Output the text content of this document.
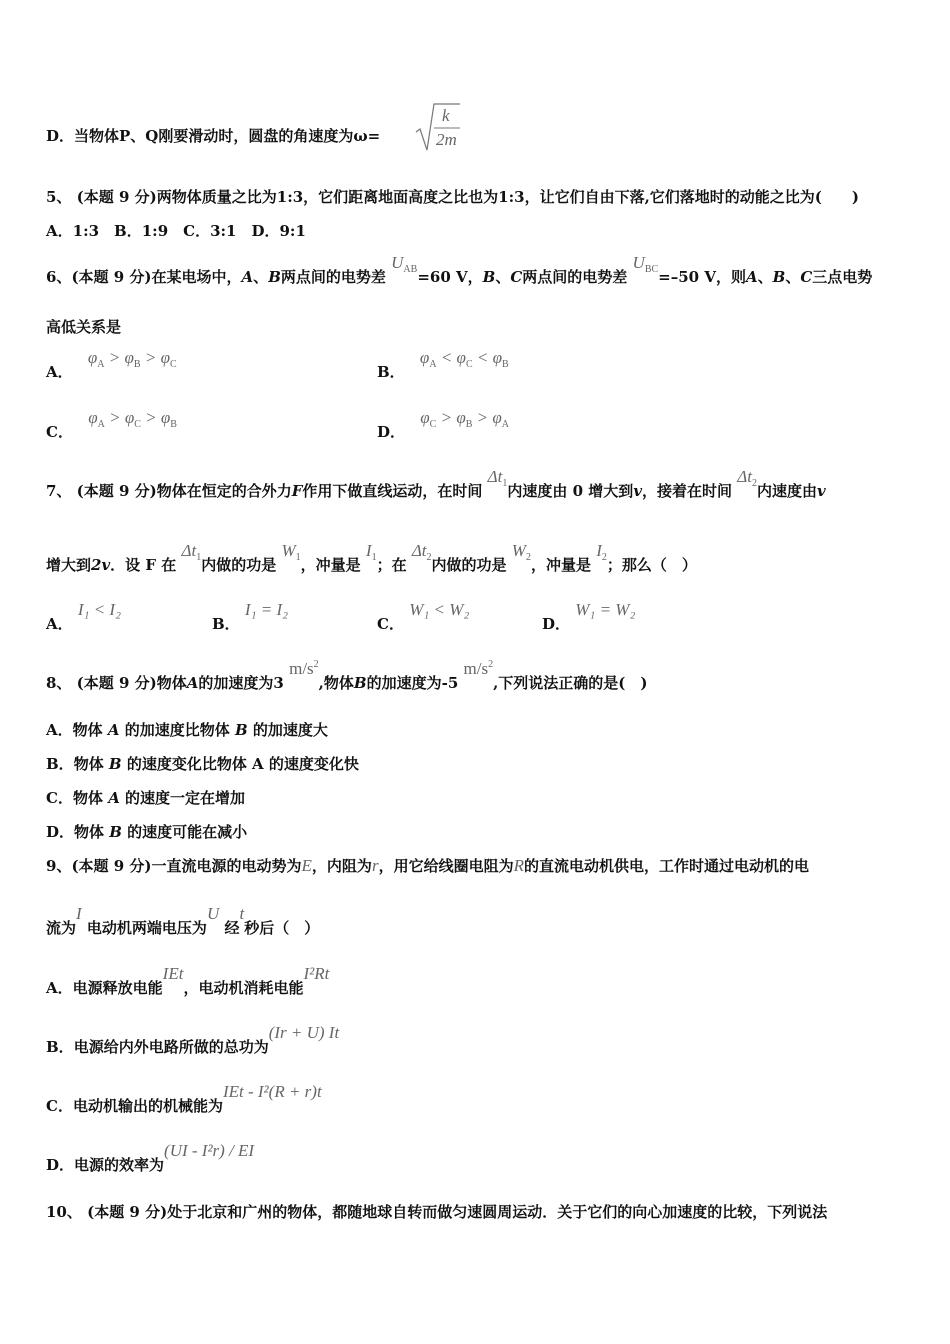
D．当物体P、Q刚要滑动时，圆盘的角速度为ω=
k
2m
5、 (本题 9 分)两物体质量之比为1:3，它们距离地面高度之比也为1:3，让它们自由下落,它们落地时的动能之比为(　　)
A．1:3　B．1:9　C．3:1　D．9:1
6、(本题 9 分)在某电场中，A、B两点间的电势差 $U_{AB}=60$ V，B、C两点间的电势差 $U_{BC}=-50$ V，则A、B、C三点电势
高低关系是
A． $\varphi_A > \varphi_B > \varphi_C$	B． $\varphi_A < \varphi_C < \varphi_B$
C． $\varphi_A > \varphi_C > \varphi_B$	D． $\varphi_C > \varphi_B > \varphi_A$
7、 (本题 9 分)物体在恒定的合外力F作用下做直线运动，在时间 $\Delta t_1$内速度由 0 增大到v，接着在时间 $\Delta t_2$内速度由v
增大到2v．设 F 在 $\Delta t_1$内做的功是 $W_1$，冲量是 $I_1$；在 $\Delta t_2$内做的功是 $W_2$，冲量是 $I_2$；那么（　）
A． I₁ < I₂
B． I₁ = I₂
C． W₁ < W₂
D． W₁ = W₂
8、 (本题 9 分)物体A的加速度为3 $m/s^2$,物体B的加速度为-5 $m/s^2$,下列说法正确的是(　)
A．物体 A 的加速度比物体 B 的加速度大
B．物体 B 的速度变化比物体 A 的速度变化快
C．物体 A 的速度一定在增加
D．物体 B 的速度可能在减小
9、(本题 9 分)一直流电源的电动势为E，内阻为r，用它给线圈电阻为R的直流电动机供电，工作时通过电动机的电
流为I 电动机两端电压为U 经t秒后（　）
A．电源释放电能IEt，电动机消耗电能I²Rt
B．电源给内外电路所做的总功为(Ir + U) It
C．电动机输出的机械能为IEt - I²(R + r)t
D．电源的效率为(UI - I²r) / EI
10、 (本题 9 分)处于北京和广州的物体，都随地球自转而做匀速圆周运动．关于它们的向心加速度的比较，下列说法
